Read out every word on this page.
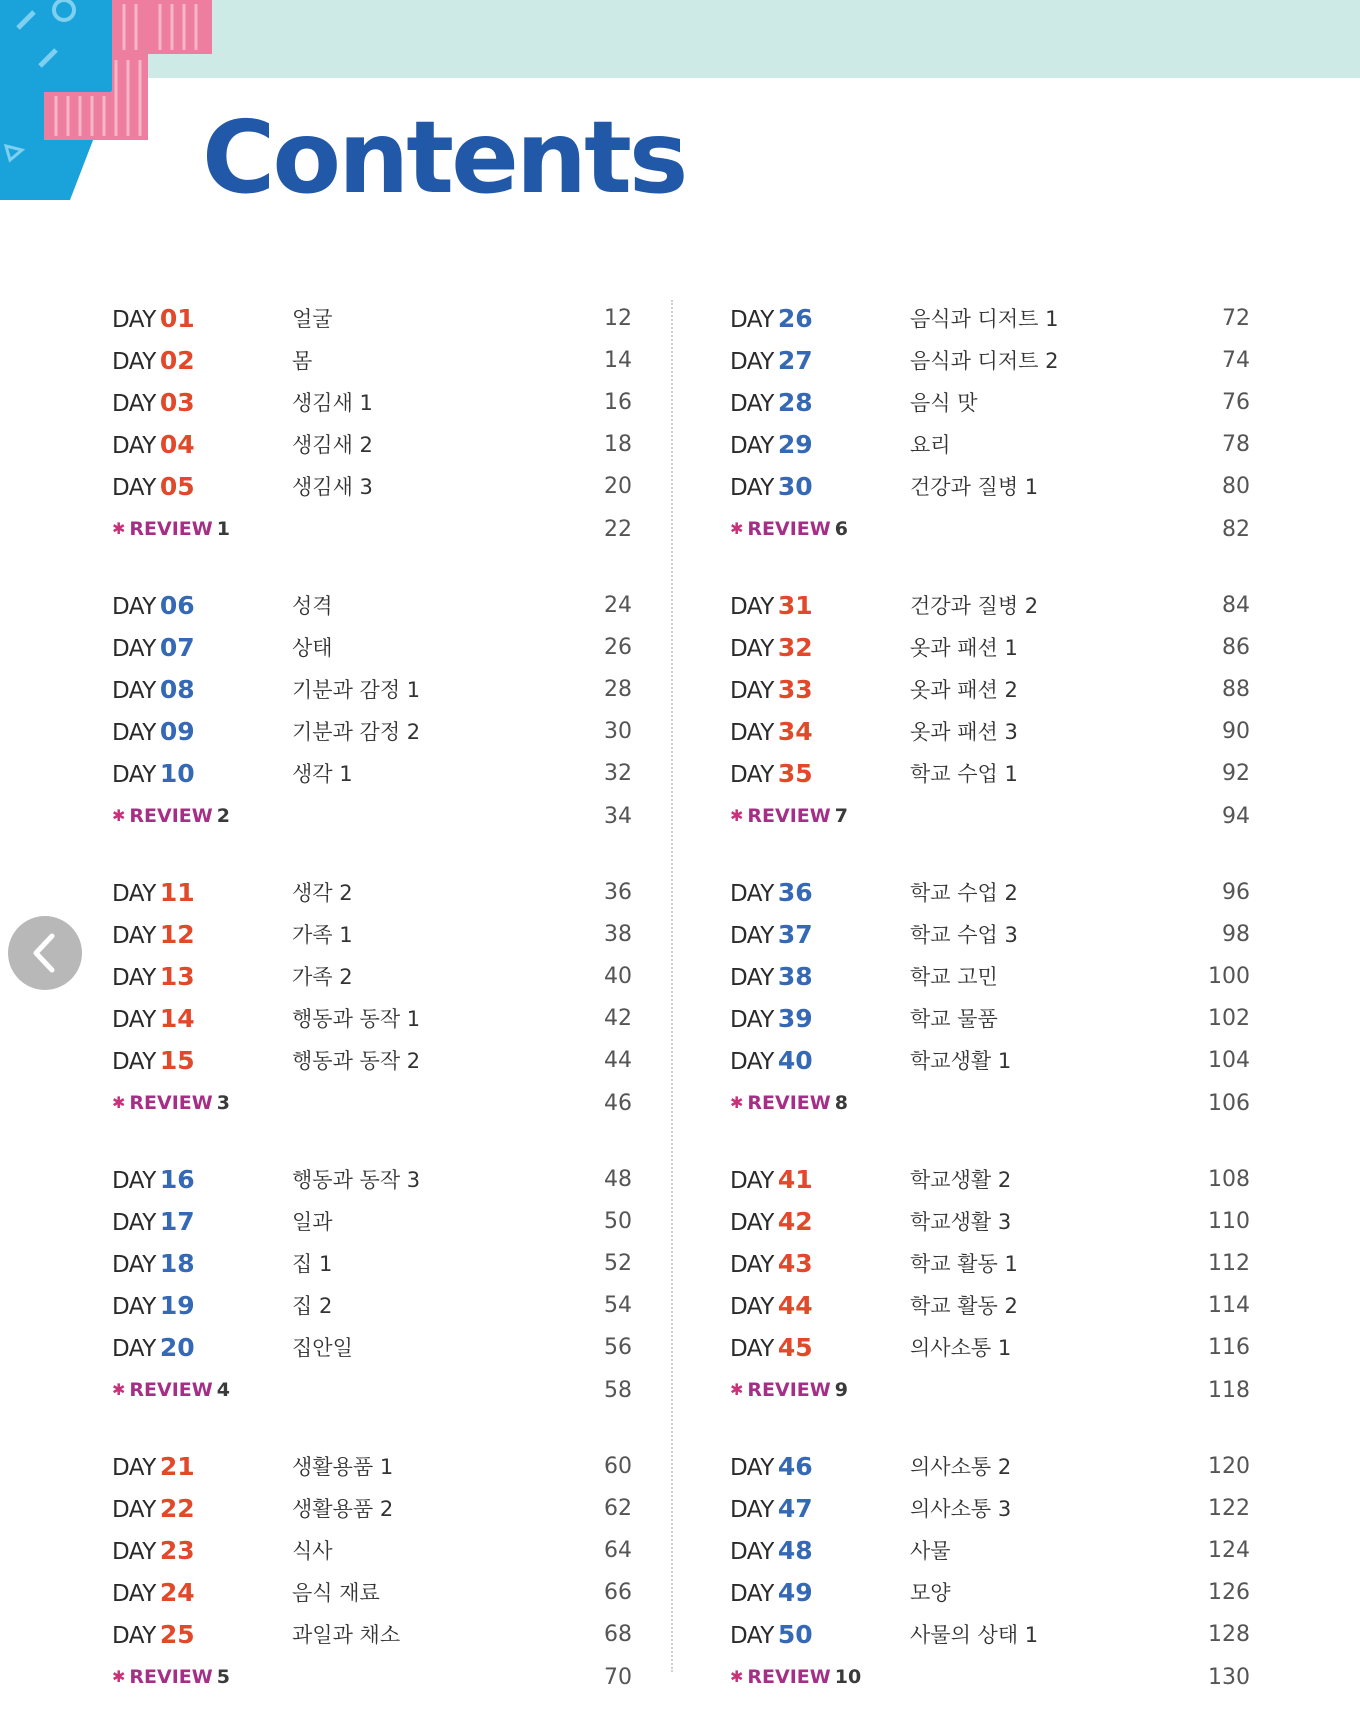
Contents
DAY 01	얼굴	12
DAY 02	몸	14
DAY 03	생김새 1	16
DAY 04	생김새 2	18
DAY 05	생김새 3	20
✱ REVIEW 1	22
DAY 06	성격	24
DAY 07	상태	26
DAY 08	기분과 감정 1	28
DAY 09	기분과 감정 2	30
DAY 10	생각 1	32
✱ REVIEW 2	34
DAY 11	생각 2	36
DAY 12	가족 1	38
DAY 13	가족 2	40
DAY 14	행동과 동작 1	42
DAY 15	행동과 동작 2	44
✱ REVIEW 3	46
DAY 16	행동과 동작 3	48
DAY 17	일과	50
DAY 18	집 1	52
DAY 19	집 2	54
DAY 20	집안일	56
✱ REVIEW 4	58
DAY 21	생활용품 1	60
DAY 22	생활용품 2	62
DAY 23	식사	64
DAY 24	음식 재료	66
DAY 25	과일과 채소	68
✱ REVIEW 5	70
DAY 26	음식과 디저트 1	72
DAY 27	음식과 디저트 2	74
DAY 28	음식 맛	76
DAY 29	요리	78
DAY 30	건강과 질병 1	80
✱ REVIEW 6	82
DAY 31	건강과 질병 2	84
DAY 32	옷과 패션 1	86
DAY 33	옷과 패션 2	88
DAY 34	옷과 패션 3	90
DAY 35	학교 수업 1	92
✱ REVIEW 7	94
DAY 36	학교 수업 2	96
DAY 37	학교 수업 3	98
DAY 38	학교 고민	100
DAY 39	학교 물품	102
DAY 40	학교생활 1	104
✱ REVIEW 8	106
DAY 41	학교생활 2	108
DAY 42	학교생활 3	110
DAY 43	학교 활동 1	112
DAY 44	학교 활동 2	114
DAY 45	의사소통 1	116
✱ REVIEW 9	118
DAY 46	의사소통 2	120
DAY 47	의사소통 3	122
DAY 48	사물	124
DAY 49	모양	126
DAY 50	사물의 상태 1	128
✱ REVIEW 10	130
